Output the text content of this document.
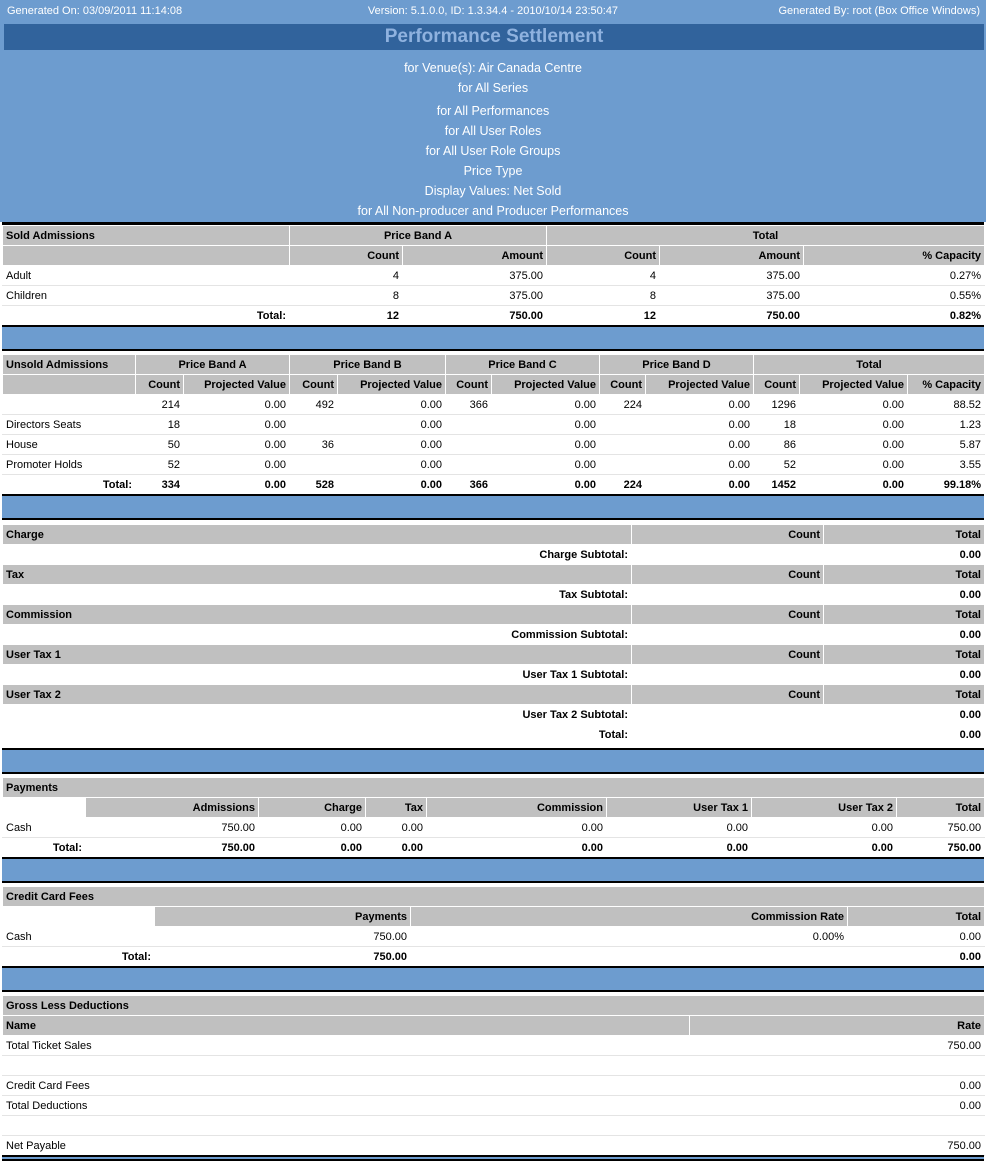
Generated On: 03/09/2011 11:14:08	Version: 5.1.0.0, ID: 1.3.34.4 - 2010/10/14 23:50:47	Generated By: root (Box Office Windows)
Performance Settlement
for Venue(s): Air Canada Centre
for All Series
for All Performances
for All User Roles
for All User Role Groups
Price Type
Display Values: Net Sold
for All Non-producer and Producer Performances
Sold Admissions	Price Band A		Total		
	Count	Amount	Count	Amount	% Capacity
Adult	4	375.00	4	375.00	0.27%
Children	8	375.00	8	375.00	0.55%
Total:	12	750.00	12	750.00	0.82%
Unsold Admissions	Price Band A		Price Band B		Price Band C		Price Band D		Total		
	Count	Projected Value	Count	Projected Value	Count	Projected Value	Count	Projected Value	Count	Projected Value	% Capacity
	214	0.00	492	0.00	366	0.00	224	0.00	1296	0.00	88.52
Directors Seats	18	0.00		0.00		0.00		0.00	18	0.00	1.23
House	50	0.00	36	0.00		0.00		0.00	86	0.00	5.87
Promoter Holds	52	0.00		0.00		0.00		0.00	52	0.00	3.55
Total:	334	0.00	528	0.00	366	0.00	224	0.00	1452	0.00	99.18%
Charge	Count	Total
Charge Subtotal:		0.00
Tax	Count	Total
Tax Subtotal:		0.00
Commission	Count	Total
Commission Subtotal:		0.00
User Tax 1	Count	Total
User Tax 1 Subtotal:		0.00
User Tax 2	Count	Total
User Tax 2 Subtotal:		0.00
Total:		0.00
Payments							
	Admissions	Charge	Tax	Commission	User Tax 1	User Tax 2	Total
Cash	750.00	0.00	0.00	0.00	0.00	0.00	750.00
Total:	750.00	0.00	0.00	0.00	0.00	0.00	750.00
Credit Card Fees			
	Payments	Commission Rate	Total
Cash	750.00	0.00%	0.00
Total:	750.00		0.00
Gross Less Deductions	
Name	Rate
Total Ticket Sales	750.00

Credit Card Fees	0.00
Total Deductions	0.00

Net Payable	750.00
